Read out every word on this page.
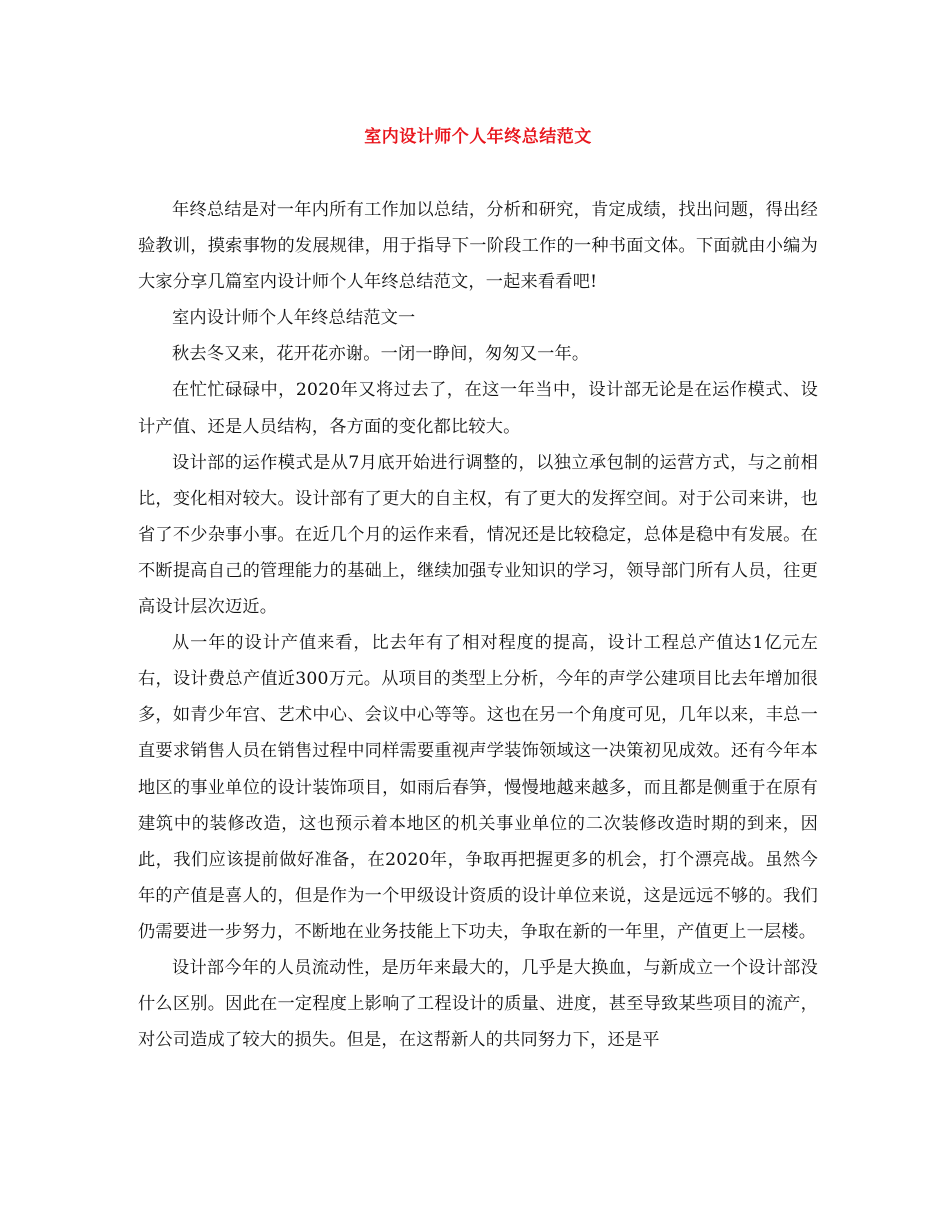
室内设计师个人年终总结范文

年终总结是对一年内所有工作加以总结，分析和研究，肯定成绩，找出问题，得出经验教训，摸索事物的发展规律，用于指导下一阶段工作的一种书面文体。下面就由小编为大家分享几篇室内设计师个人年终总结范文，一起来看看吧!

室内设计师个人年终总结范文一

秋去冬又来，花开花亦谢。一闭一睁间，匆匆又一年。

在忙忙碌碌中，2020年又将过去了，在这一年当中，设计部无论是在运作模式、设计产值、还是人员结构，各方面的变化都比较大。

设计部的运作模式是从7月底开始进行调整的，以独立承包制的运营方式，与之前相比，变化相对较大。设计部有了更大的自主权，有了更大的发挥空间。对于公司来讲，也省了不少杂事小事。在近几个月的运作来看，情况还是比较稳定，总体是稳中有发展。在不断提高自己的管理能力的基础上，继续加强专业知识的学习，领导部门所有人员，往更高设计层次迈近。

从一年的设计产值来看，比去年有了相对程度的提高，设计工程总产值达1亿元左右，设计费总产值近300万元。从项目的类型上分析，今年的声学公建项目比去年增加很多，如青少年宫、艺术中心、会议中心等等。这也在另一个角度可见，几年以来，丰总一直要求销售人员在销售过程中同样需要重视声学装饰领域这一决策初见成效。还有今年本地区的事业单位的设计装饰项目，如雨后春笋，慢慢地越来越多，而且都是侧重于在原有建筑中的装修改造，这也预示着本地区的机关事业单位的二次装修改造时期的到来，因此，我们应该提前做好准备，在2020年，争取再把握更多的机会，打个漂亮战。虽然今年的产值是喜人的，但是作为一个甲级设计资质的设计单位来说，这是远远不够的。我们仍需要进一步努力，不断地在业务技能上下功夫，争取在新的一年里，产值更上一层楼。

设计部今年的人员流动性，是历年来最大的，几乎是大换血，与新成立一个设计部没什么区别。因此在一定程度上影响了工程设计的质量、进度，甚至导致某些项目的流产，对公司造成了较大的损失。但是，在这帮新人的共同努力下，还是平
